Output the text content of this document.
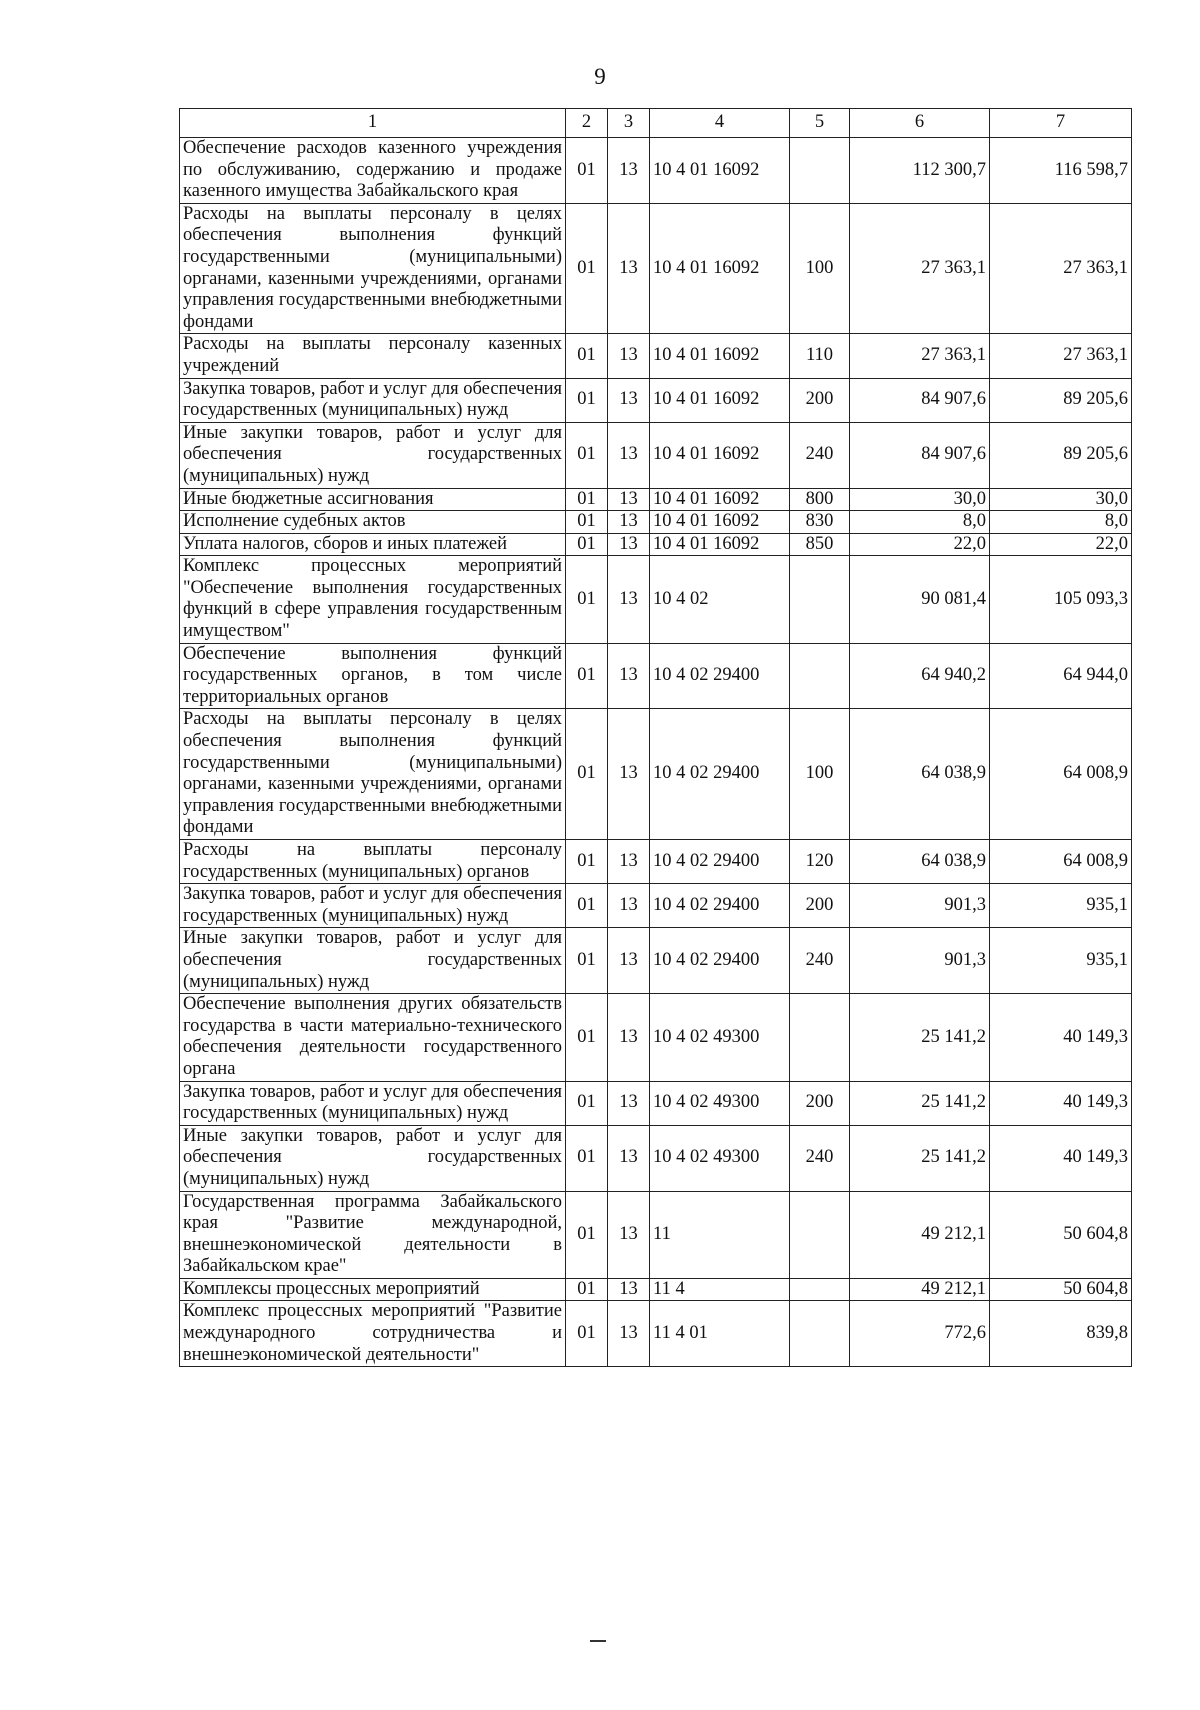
9
1	2	3	4	5	6	7
Обеспечение расходов казенного учреждения по обслуживанию, содержанию и продаже казенного имущества Забайкальского края	01	13	10 4 01 16092		112 300,7	116 598,7
Расходы на выплаты персоналу в целях обеспечения выполнения функций государственными (муниципальными) органами, казенными учреждениями, органами управления государственными внебюджетными фондами	01	13	10 4 01 16092	100	27 363,1	27 363,1
Расходы на выплаты персоналу казенных учреждений	01	13	10 4 01 16092	110	27 363,1	27 363,1
Закупка товаров, работ и услуг для обеспечения государственных (муниципальных) нужд	01	13	10 4 01 16092	200	84 907,6	89 205,6
Иные закупки товаров, работ и услуг для обеспечения государственных (муниципальных) нужд	01	13	10 4 01 16092	240	84 907,6	89 205,6
Иные бюджетные ассигнования	01	13	10 4 01 16092	800	30,0	30,0
Исполнение судебных актов	01	13	10 4 01 16092	830	8,0	8,0
Уплата налогов, сборов и иных платежей	01	13	10 4 01 16092	850	22,0	22,0
Комплекс процессных мероприятий "Обеспечение выполнения государственных функций в сфере управления государственным имуществом"	01	13	10 4 02		90 081,4	105 093,3
Обеспечение выполнения функций государственных органов, в том числе территориальных органов	01	13	10 4 02 29400		64 940,2	64 944,0
Расходы на выплаты персоналу в целях обеспечения выполнения функций государственными (муниципальными) органами, казенными учреждениями, органами управления государственными внебюджетными фондами	01	13	10 4 02 29400	100	64 038,9	64 008,9
Расходы на выплаты персоналу государственных (муниципальных) органов	01	13	10 4 02 29400	120	64 038,9	64 008,9
Закупка товаров, работ и услуг для обеспечения государственных (муниципальных) нужд	01	13	10 4 02 29400	200	901,3	935,1
Иные закупки товаров, работ и услуг для обеспечения государственных (муниципальных) нужд	01	13	10 4 02 29400	240	901,3	935,1
Обеспечение выполнения других обязательств государства в части материально-технического обеспечения деятельности государственного органа	01	13	10 4 02 49300		25 141,2	40 149,3
Закупка товаров, работ и услуг для обеспечения государственных (муниципальных) нужд	01	13	10 4 02 49300	200	25 141,2	40 149,3
Иные закупки товаров, работ и услуг для обеспечения государственных (муниципальных) нужд	01	13	10 4 02 49300	240	25 141,2	40 149,3
Государственная программа Забайкальского края "Развитие международной, внешнеэкономической деятельности в Забайкальском крае"	01	13	11		49 212,1	50 604,8
Комплексы процессных мероприятий	01	13	11 4		49 212,1	50 604,8
Комплекс процессных мероприятий "Развитие международного сотрудничества и внешнеэкономической деятельности"	01	13	11 4 01		772,6	839,8
